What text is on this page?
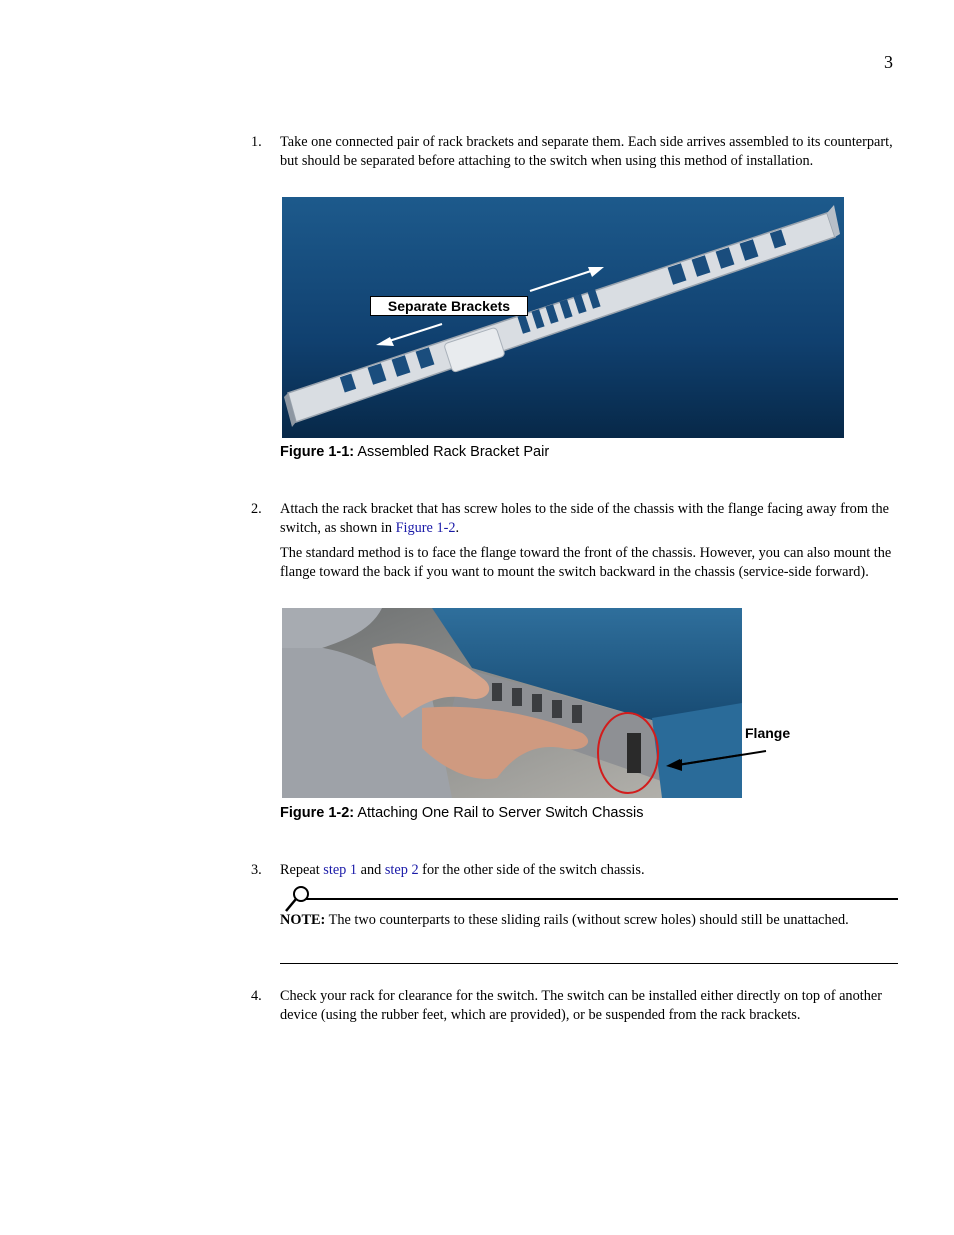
3
1. Take one connected pair of rack brackets and separate them. Each side arrives assembled to its counterpart, but should be separated before attaching to the switch when using this method of installation.

Separate Brackets
Figure 1-1: Assembled Rack Bracket Pair
2. Attach the rack bracket that has screw holes to the side of the chassis with the flange facing away from the switch, as shown in Figure 1-2.

The standard method is to face the flange toward the front of the chassis. However, you can also mount the flange toward the back if you want to mount the switch backward in the chassis (service-side forward).

Flange
Figure 1-2: Attaching One Rail to Server Switch Chassis
3. Repeat step 1 and step 2 for the other side of the switch chassis.

NOTE: The two counterparts to these sliding rails (without screw holes) should still be unattached.
4. Check your rack for clearance for the switch. The switch can be installed either directly on top of another device (using the rubber feet, which are provided), or be suspended from the rack brackets.
